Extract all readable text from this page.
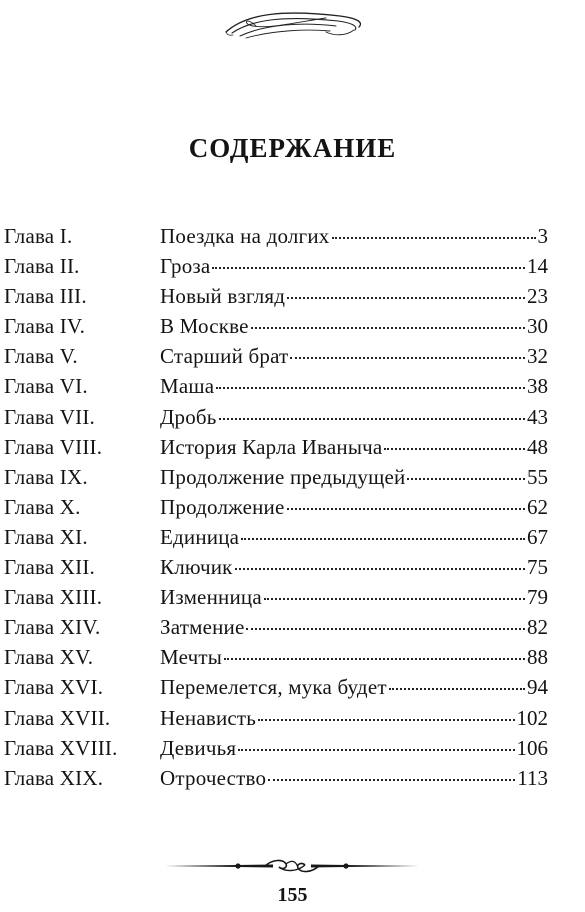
СОДЕРЖАНИЕ
Глава I.	Поездка на долгих	3
Глава II.	Гроза	14
Глава III.	Новый взгляд	23
Глава IV.	В Москве	30
Глава V.	Старший брат	32
Глава VI.	Маша	38
Глава VII.	Дробь	43
Глава VIII.	История Карла Иваныча	48
Глава IX.	Продолжение предыдущей	55
Глава X.	Продолжение	62
Глава XI.	Единица	67
Глава XII.	Ключик	75
Глава XIII.	Изменница	79
Глава XIV.	Затмение	82
Глава XV.	Мечты	88
Глава XVI.	Перемелется, мука будет	94
Глава XVII.	Ненависть	102
Глава XVIII.	Девичья	106
Глава XIX.	Отрочество	113
155
